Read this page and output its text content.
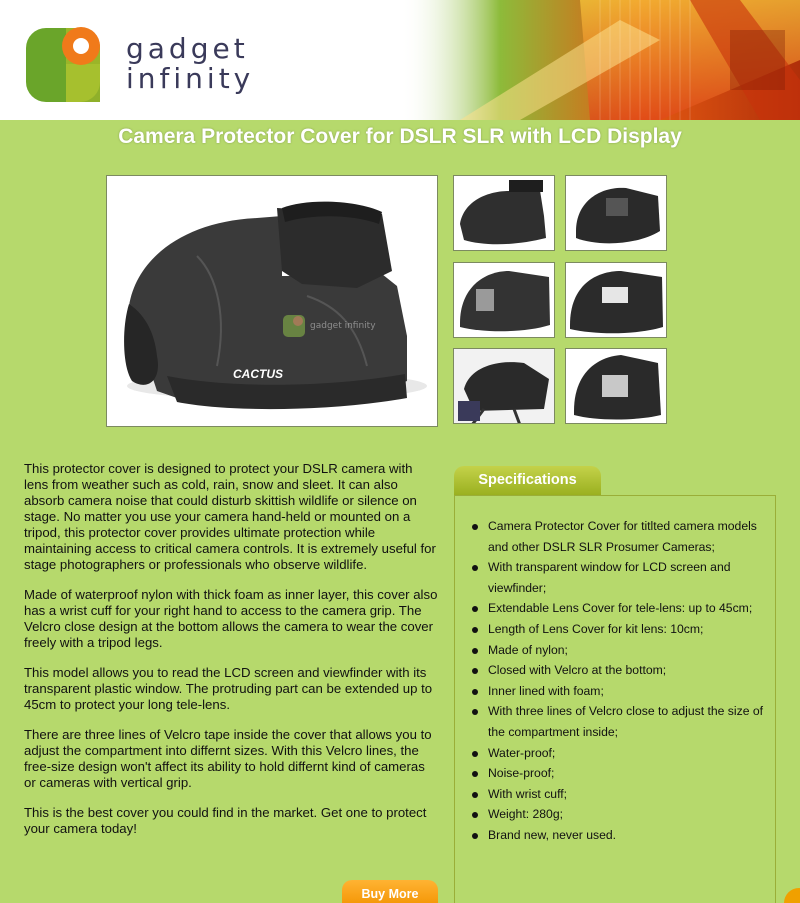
gadget
infinity
Camera Protector Cover for DSLR SLR with LCD Display
CACTUS
gadget infinity

This protector cover is designed to protect your DSLR camera with lens from weather such as cold, rain, snow and sleet. It can also absorb camera noise that could disturb skittish wildlife or silence on stage. No matter you use your camera hand-held or mounted on a tripod, this protector cover provides ultimate protection while maintaining access to critical camera controls. It is extremely useful for stage photographers or professionals who observe wildlife.

Made of waterproof nylon with thick foam as inner layer, this cover also has a wrist cuff for your right hand to access to the camera grip. The Velcro close design at the bottom allows the camera to wear the cover freely with a tripod legs.

This model allows you to read the LCD screen and viewfinder with its transparent plastic window. The protruding part can be extended up to 45cm to protect your long tele-lens.

There are three lines of Velcro tape inside the cover that allows you to adjust the compartment into differnt sizes. With this Velcro lines, the free-size design won't affect its ability to hold differnt kind of cameras or cameras with vertical grip.

This is the best cover you could find in the market. Get one to protect your camera today!

Buy More
Specifications
Camera Protector Cover for titlted camera models and other DSLR SLR Prosumer Cameras;
With transparent window for LCD screen and viewfinder;
Extendable Lens Cover for tele-lens: up to 45cm;
Length of Lens Cover for kit lens: 10cm;
Made of nylon;
Closed with Velcro at the bottom;
Inner lined with foam;
With three lines of Velcro close to adjust the size of the compartment inside;
Water-proof;
Noise-proof;
With wrist cuff;
Weight: 280g;
Brand new, never used.
